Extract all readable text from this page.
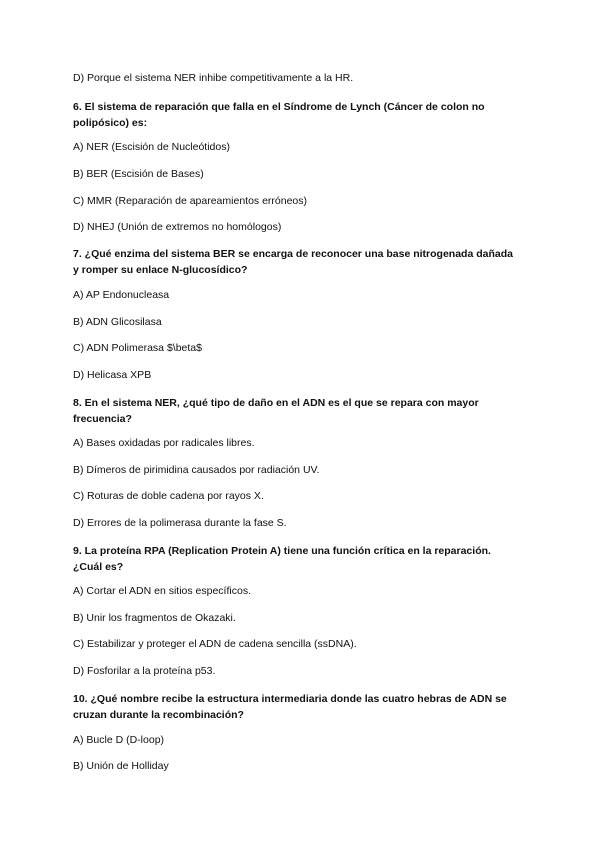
D) Porque el sistema NER inhibe competitivamente a la HR.
6. El sistema de reparación que falla en el Síndrome de Lynch (Cáncer de colon no polipósico) es:
A) NER (Escisión de Nucleótidos)
B) BER (Escisión de Bases)
C) MMR (Reparación de apareamientos erróneos)
D) NHEJ (Unión de extremos no homólogos)
7. ¿Qué enzima del sistema BER se encarga de reconocer una base nitrogenada dañada y romper su enlace N-glucosídico?
A) AP Endonucleasa
B) ADN Glicosilasa
C) ADN Polimerasa $\beta$
D) Helicasa XPB
8. En el sistema NER, ¿qué tipo de daño en el ADN es el que se repara con mayor frecuencia?
A) Bases oxidadas por radicales libres.
B) Dímeros de pirimidina causados por radiación UV.
C) Roturas de doble cadena por rayos X.
D) Errores de la polimerasa durante la fase S.
9. La proteína RPA (Replication Protein A) tiene una función crítica en la reparación. ¿Cuál es?
A) Cortar el ADN en sitios específicos.
B) Unir los fragmentos de Okazaki.
C) Estabilizar y proteger el ADN de cadena sencilla (ssDNA).
D) Fosforilar a la proteína p53.
10. ¿Qué nombre recibe la estructura intermediaria donde las cuatro hebras de ADN se cruzan durante la recombinación?
A) Bucle D (D-loop)
B) Unión de Holliday
